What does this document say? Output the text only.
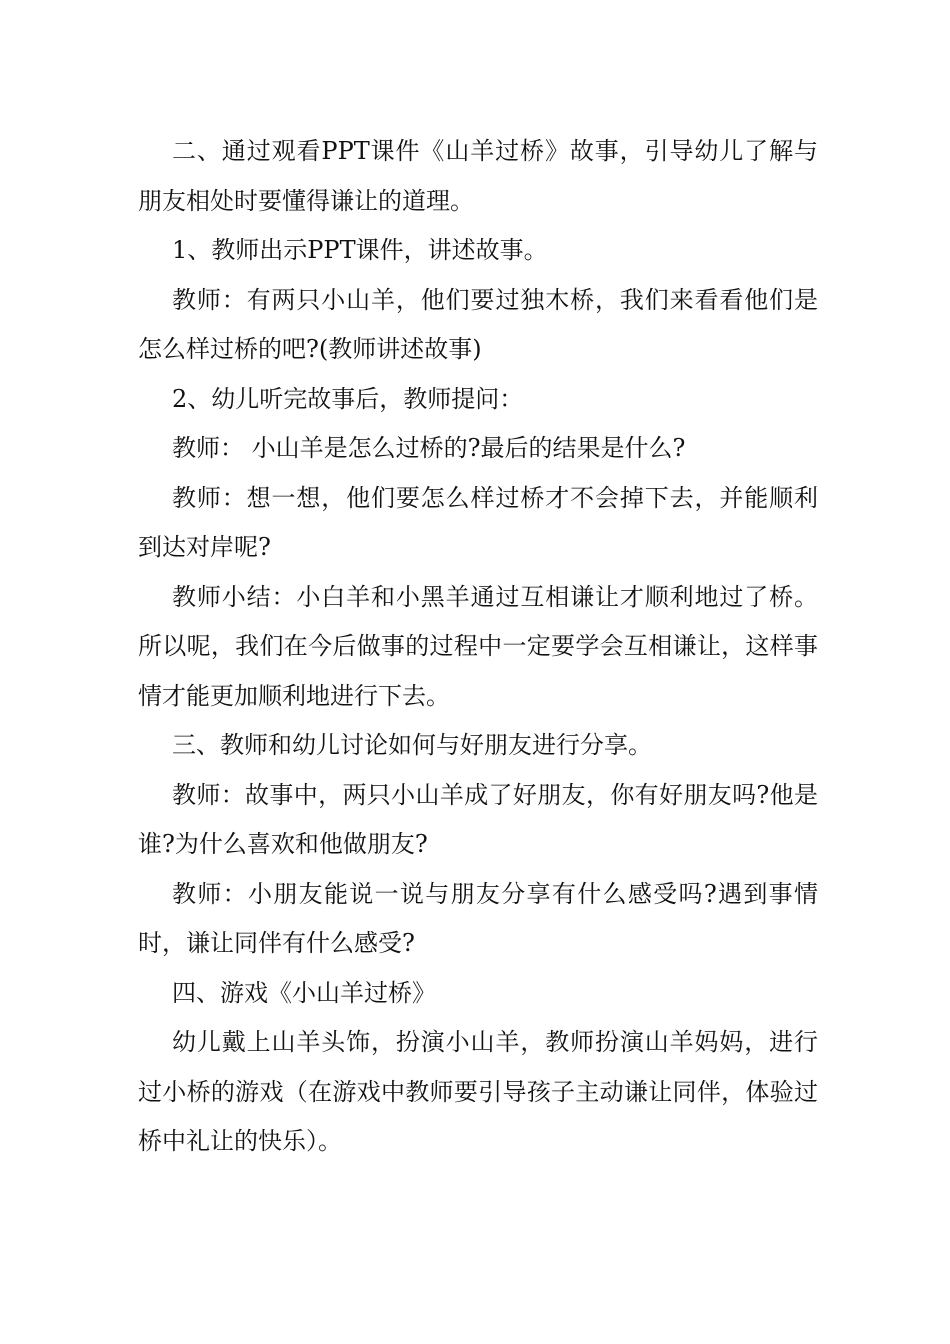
二、通过观看PPT课件《山羊过桥》故事，引导幼儿了解与朋友相处时要懂得谦让的道理。

1、教师出示PPT课件，讲述故事。

教师：有两只小山羊，他们要过独木桥，我们来看看他们是怎么样过桥的吧?(教师讲述故事)

2、幼儿听完故事后，教师提问：

教师： 小山羊是怎么过桥的?最后的结果是什么?

教师：想一想，他们要怎么样过桥才不会掉下去，并能顺利到达对岸呢?

教师小结：小白羊和小黑羊通过互相谦让才顺利地过了桥。所以呢，我们在今后做事的过程中一定要学会互相谦让，这样事情才能更加顺利地进行下去。

三、教师和幼儿讨论如何与好朋友进行分享。

教师：故事中，两只小山羊成了好朋友，你有好朋友吗?他是谁?为什么喜欢和他做朋友?

教师：小朋友能说一说与朋友分享有什么感受吗?遇到事情时，谦让同伴有什么感受?

四、游戏《小山羊过桥》

幼儿戴上山羊头饰，扮演小山羊，教师扮演山羊妈妈，进行过小桥的游戏（在游戏中教师要引导孩子主动谦让同伴，体验过桥中礼让的快乐）。
